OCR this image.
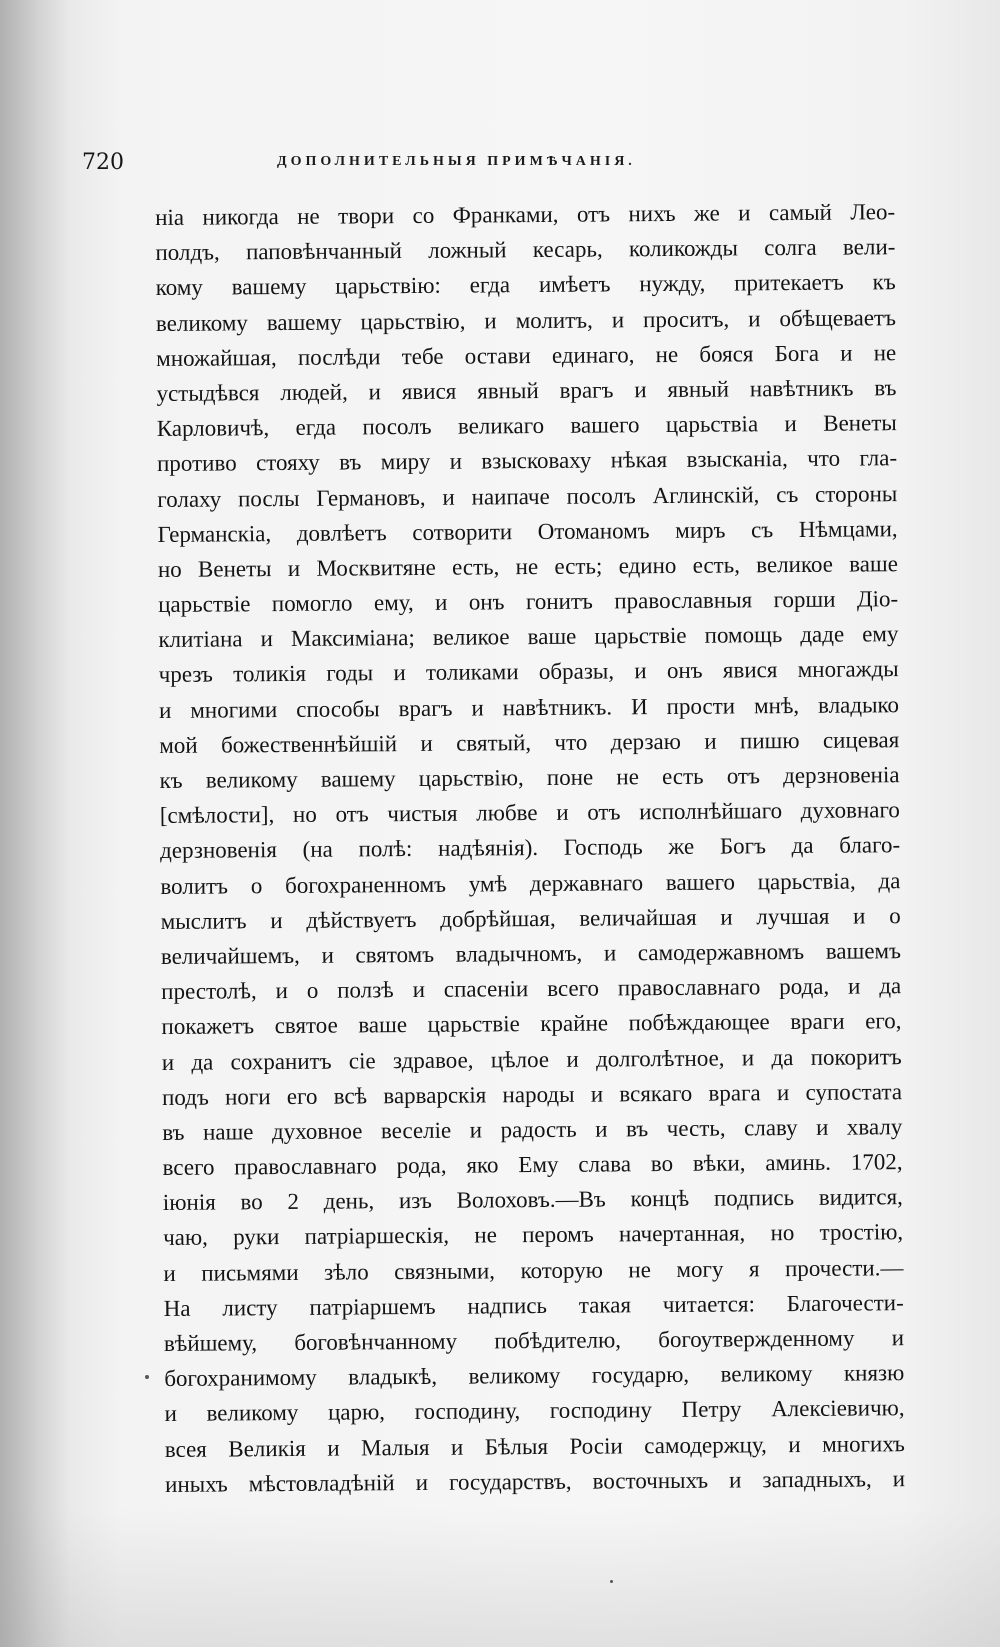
720	ДОПОЛНИТЕЛЬНЫЯ ПРИМѢЧАНІЯ.
ніа никогда не твори со Франками, отъ нихъ же и самый Лео-
полдъ, паповѣнчанный ложный кесарь, коликожды солга вели-
кому вашему царьствiю: егда имѣетъ нужду, притекаетъ къ
великому вашему царьствiю, и молитъ, и проситъ, и обѣщеваетъ
множайшая, послѣди тебе остави единаго, не бояся Бога и не
устыдѣвся людей, и явися явный врагъ и явный навѣтникъ въ
Карловичѣ, егда посолъ великаго вашего царьствiа и Венеты
противо стояху въ миру и взысковаху нѣкая взысканiа, что гла-
голаху послы Германовъ, и наипаче посолъ Аглинскiй, съ стороны
Германскiа, довлѣетъ сотворити Отоманомъ миръ съ Нѣмцами,
но Венеты и Москвитяне есть, не есть; едино есть, великое ваше
царьствiе помогло ему, и онъ гонитъ православныя горши Дiо-
клитiана и Максимiана; великое ваше царьствiе помощь даде ему
чрезъ толикiя годы и толиками образы, и онъ явися многажды
и многими способы врагъ и навѣтникъ. И прости мнѣ, владыко
мой божественнѣйшiй и святый, что дерзаю и пишю сицевая
къ великому вашему царьствiю, поне не есть отъ дерзновенiа
[смѣлости], но отъ чистыя любве и отъ исполнѣйшаго духовнаго
дерзновенiя (на полѣ: надѣянiя). Господь же Богъ да благо-
волитъ о богохраненномъ умѣ державнаго вашего царьствiа, да
мыслитъ и дѣйствуетъ добрѣйшая, величайшая и лучшая и о
величайшемъ, и святомъ владычномъ, и самодержавномъ вашемъ
престолѣ, и о ползѣ и спасенiи всего православнаго рода, и да
покажетъ святое ваше царьствiе крайне побѣждающее враги его,
и да сохранитъ сiе здравое, цѣлое и долголѣтное, и да покоритъ
подъ ноги его всѣ варварскiя народы и всякаго врага и супостата
въ наше духовное веселiе и радость и въ честь, славу и хвалу
всего православнаго рода, яко Ему слава во вѣки, аминь. 1702,
iюнiя во 2 день, изъ Волоховъ.—Въ концѣ подпись видится,
чаю, руки патрiаршескiя, не перомъ начертанная, но тростiю,
и письмями зѣло связными, которую не могу я прочести.—
На листу патрiаршемъ надпись такая читается: Благочести-
вѣйшему, боговѣнчанному побѣдителю, богоутвержденному и
богохранимому владыкѣ, великому государю, великому князю
и великому царю, господину, господину Петру Алексiевичю,
всея Великiя и Малыя и Бѣлыя Росiи самодержцу, и многихъ
иныхъ мѣстовладѣнiй и государствъ, восточныхъ и западныхъ, и
